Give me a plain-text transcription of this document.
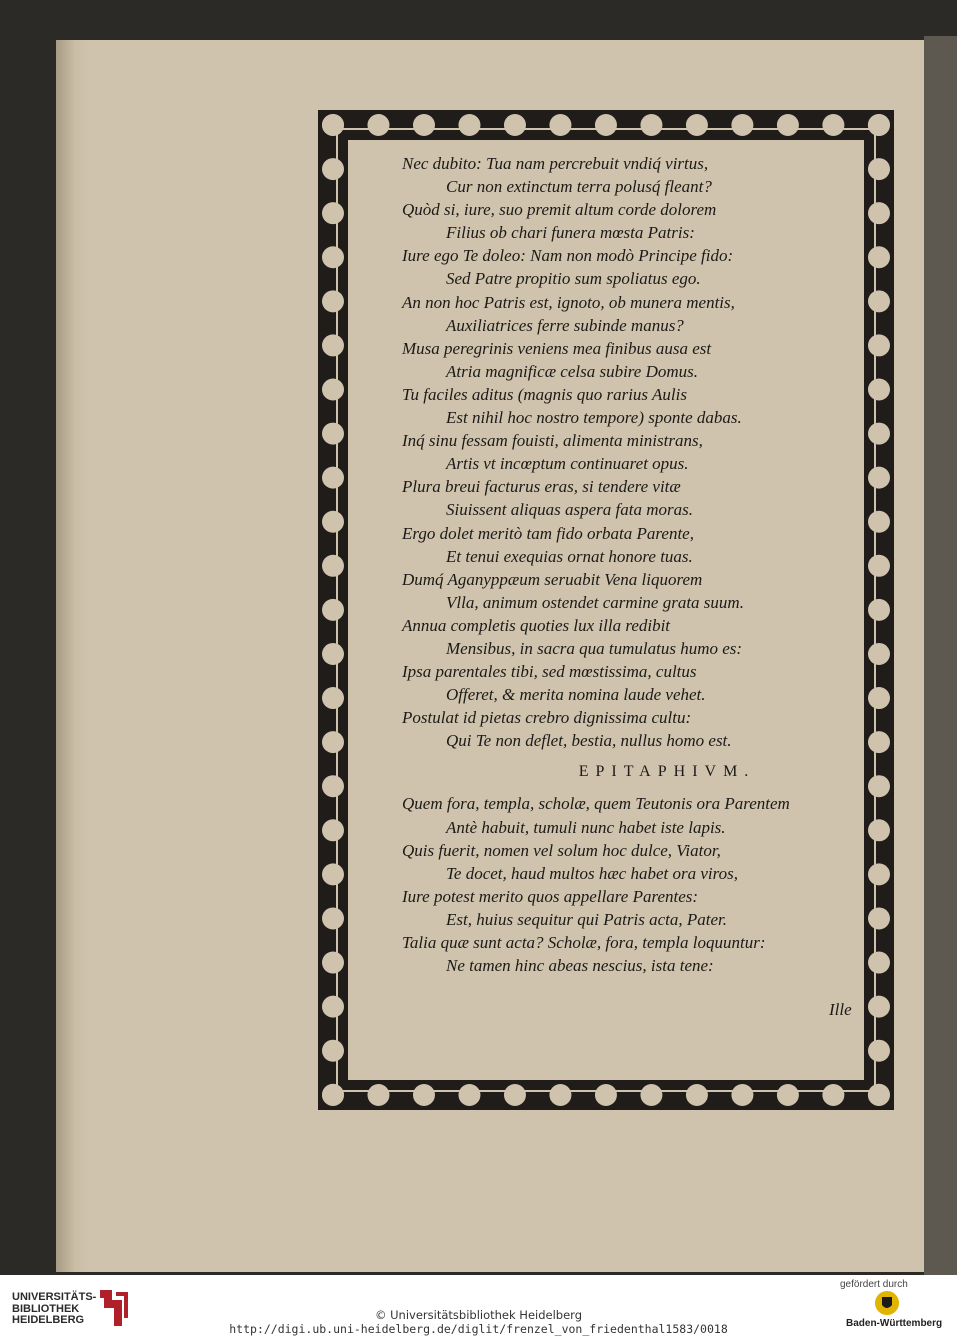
Nec dubito: Tua nam percrebuit vndiq́ virtus,
Cur non extinctum terra polusq́ fleant?
Quòd si, iure, suo premit altum corde dolorem
Filius ob chari funera mœsta Patris:
Iure ego Te doleo: Nam non modò Principe fido:
Sed Patre propitio sum spoliatus ego.
An non hoc Patris est, ignoto, ob munera mentis,
Auxiliatrices ferre subinde manus?
Musa peregrinis veniens mea finibus ausa est
Atria magnificæ celsa subire Domus.
Tu faciles aditus (magnis quo rarius Aulis
Est nihil hoc nostro tempore) sponte dabas.
Inq́ sinu fessam fouisti, alimenta ministrans,
Artis vt incœptum continuaret opus.
Plura breui facturus eras, si tendere vitæ
Siuissent aliquas aspera fata moras.
Ergo dolet meritò tam fido orbata Parente,
Et tenui exequias ornat honore tuas.
Dumq́ Aganyppæum seruabit Vena liquorem
Vlla, animum ostendet carmine grata suum.
Annua completis quoties lux illa redibit
Mensibus, in sacra qua tumulatus humo es:
Ipsa parentales tibi, sed mœstissima, cultus
Offeret, & merita nomina laude vehet.
Postulat id pietas crebro dignissima cultu:
Qui Te non deflet, bestia, nullus homo est.
EPITAPHIVM.
Quem fora, templa, scholæ, quem Teutonis ora Parentem
Antè habuit, tumuli nunc habet iste lapis.
Quis fuerit, nomen vel solum hoc dulce, Viator,
Te docet, haud multos hæc habet ora viros,
Iure potest merito quos appellare Parentes:
Est, huius sequitur qui Patris acta, Pater.
Talia quæ sunt acta? Scholæ, fora, templa loquuntur:
Ne tamen hinc abeas nescius, ista tene:
Ille
UNIVERSITÄTS-
BIBLIOTHEK
HEIDELBERG	© Universitätsbibliothek Heidelberg
http://digi.ub.uni-heidelberg.de/diglit/frenzel_von_friedenthal1583/0018
gefördert durch
Baden-Württemberg
